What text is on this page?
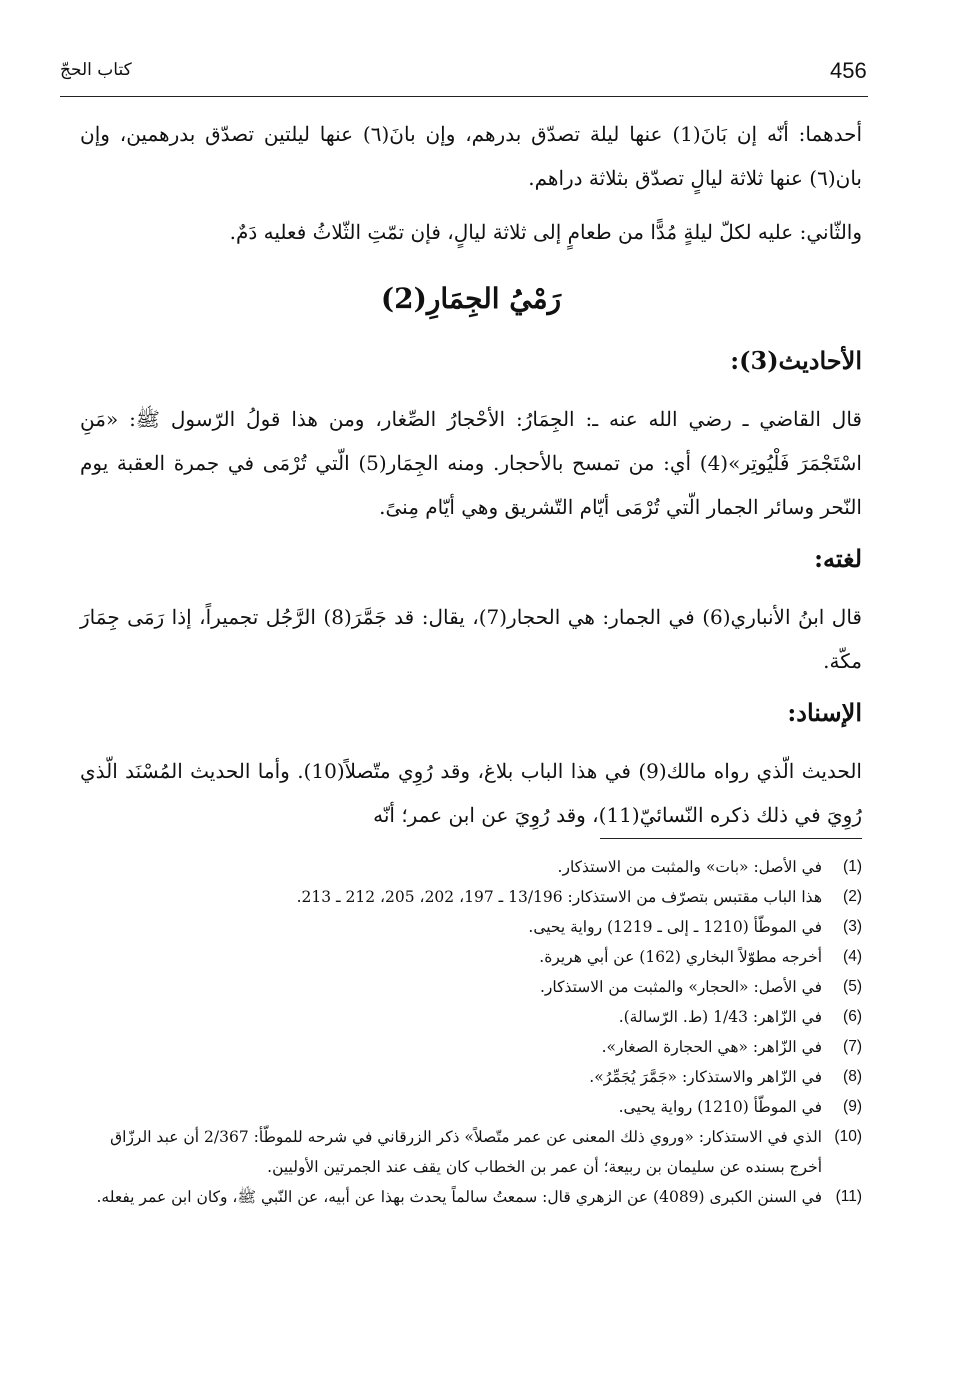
456
كتاب الحجّ

أحدهما: أنّه إن بَانَ(1) عنها ليلة تصدّق بدرهم، وإن بانَ(٦) عنها ليلتين تصدّق بدرهمين، وإن بان(٦) عنها ثلاثة ليالٍ تصدّق بثلاثة دراهم.

والثّاني: عليه لكلّ ليلةٍ مُدًّا من طعامٍ إلى ثلاثة ليالٍ، فإن تمّتِ الثّلاثُ فعليه دَمٌ.

رَمْيُ الجِمَارِ(2)
الأحاديث(3):

قال القاضي ـ رضي الله عنه ـ: الجِمَارُ: الأحْجارُ الصِّغار، ومن هذا قولُ الرّسول ﷺ: «مَنِ اسْتَجْمَرَ فَلْيُوتِر»(4) أي: من تمسح بالأحجار. ومنه الجِمَار(5) الّتي تُرْمَى في جمرة العقبة يوم النّحر وسائر الجمار الّتي تُرْمَى أيّام التّشريق وهي أيّام مِنىً.

لغته:

قال ابنُ الأنباري(6) في الجمار: هي الحجار(7)، يقال: قد جَمَّرَ(8) الرَّجُل تجميراً، إذا رَمَى جِمَارَ مكّة.

الإسناد:

الحديث الّذي رواه مالك(9) في هذا الباب بلاغ، وقد رُوِي متّصلاً(10). وأما الحديث المُسْنَد الّذي رُوِيَ في ذلك ذكره النّسائيّ(11)، وقد رُوِيَ عن ابن عمر؛ أنّه

(1)
في الأصل: «بات» والمثبت من الاستذكار.
(2)
هذا الباب مقتبس بتصرّف من الاستذكار: 13/196 ـ 197، 202، 205، 212 ـ 213.
(3)
في الموطّأ (1210 ـ إلى ـ 1219) رواية يحيى.
(4)
أخرجه مطوّلاً البخاري (162) عن أبي هريرة.
(5)
في الأصل: «الحجار» والمثبت من الاستذكار.
(6)
في الزّاهر: 1/43 (ط. الرّسالة).
(7)
في الزّاهر: «هي الحجارة الصغار».
(8)
في الزّاهر والاستذكار: «جَمَّرَ يُجَمِّرُ».
(9)
في الموطّأ (1210) رواية يحيى.
(10)
الذي في الاستذكار: «وروي ذلك المعنى عن عمر متّصلاً» ذكر الزرقاني في شرحه للموطّأ: 2/367 أن عبد الرزّاق أخرج بسنده عن سليمان بن ربيعة؛ أن عمر بن الخطاب كان يقف عند الجمرتين الأوليين.
(11)
في السنن الكبرى (4089) عن الزهري قال: سمعتُ سالماً يحدث بهذا عن أبيه، عن النّبي ﷺ، وكان ابن عمر يفعله.
